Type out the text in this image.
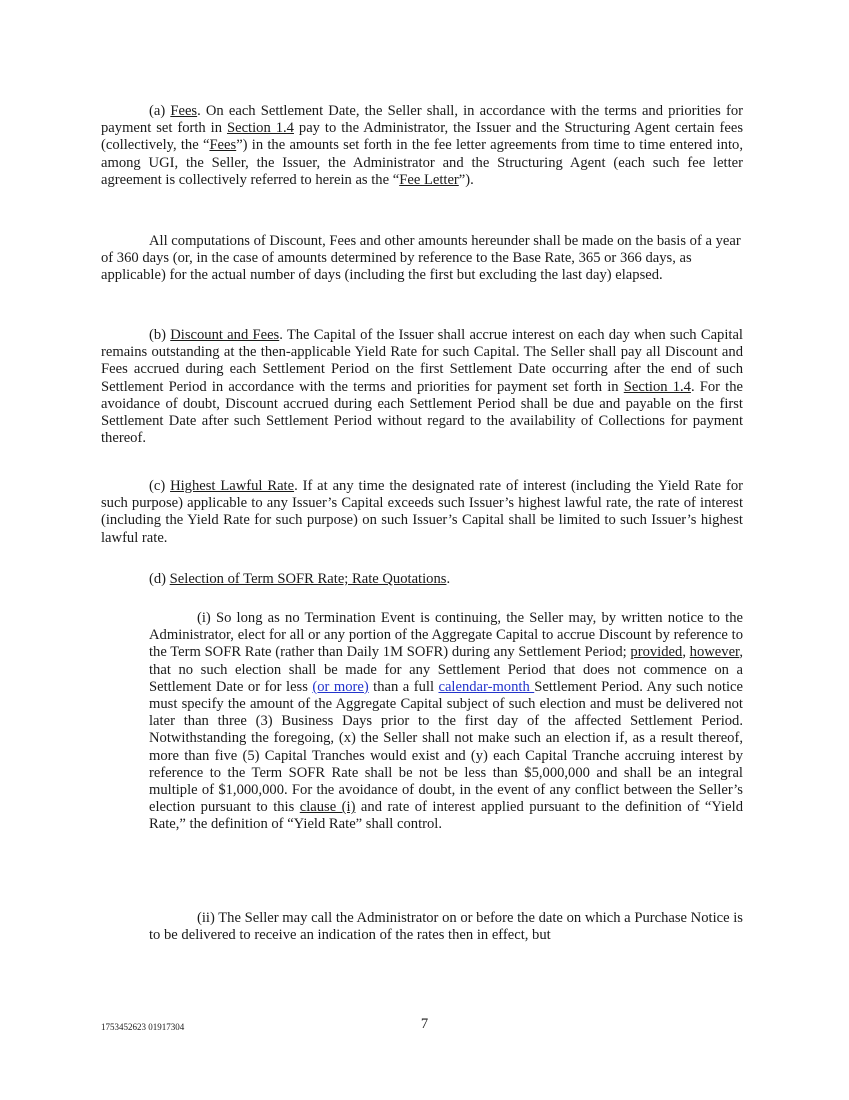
(a) Fees. On each Settlement Date, the Seller shall, in accordance with the terms and priorities for payment set forth in Section 1.4 pay to the Administrator, the Issuer and the Structuring Agent certain fees (collectively, the “Fees”) in the amounts set forth in the fee letter agreements from time to time entered into, among UGI, the Seller, the Issuer, the Administrator and the Structuring Agent (each such fee letter agreement is collectively referred to herein as the “Fee Letter”).

All computations of Discount, Fees and other amounts hereunder shall be made on the basis of a year of 360 days (or, in the case of amounts determined by reference to the Base Rate, 365 or 366 days, as applicable) for the actual number of days (including the first but excluding the last day) elapsed.

(b) Discount and Fees. The Capital of the Issuer shall accrue interest on each day when such Capital remains outstanding at the then-applicable Yield Rate for such Capital. The Seller shall pay all Discount and Fees accrued during each Settlement Period on the first Settlement Date occurring after the end of such Settlement Period in accordance with the terms and priorities for payment set forth in Section 1.4. For the avoidance of doubt, Discount accrued during each Settlement Period shall be due and payable on the first Settlement Date after such Settlement Period without regard to the availability of Collections for payment thereof.

(c) Highest Lawful Rate. If at any time the designated rate of interest (including the Yield Rate for such purpose) applicable to any Issuer’s Capital exceeds such Issuer’s highest lawful rate, the rate of interest (including the Yield Rate for such purpose) on such Issuer’s Capital shall be limited to such Issuer’s highest lawful rate.

(d) Selection of Term SOFR Rate; Rate Quotations.

(i) So long as no Termination Event is continuing, the Seller may, by written notice to the Administrator, elect for all or any portion of the Aggregate Capital to accrue Discount by reference to the Term SOFR Rate (rather than Daily 1M SOFR) during any Settlement Period; provided, however, that no such election shall be made for any Settlement Period that does not commence on a Settlement Date or for less (or more) than a full calendar-month Settlement Period. Any such notice must specify the amount of the Aggregate Capital subject of such election and must be delivered not later than three (3) Business Days prior to the first day of the affected Settlement Period. Notwithstanding the foregoing, (x) the Seller shall not make such an election if, as a result thereof, more than five (5) Capital Tranches would exist and (y) each Capital Tranche accruing interest by reference to the Term SOFR Rate shall be not be less than $5,000,000 and shall be an integral multiple of $1,000,000. For the avoidance of doubt, in the event of any conflict between the Seller’s election pursuant to this clause (i) and rate of interest applied pursuant to the definition of “Yield Rate,” the definition of “Yield Rate” shall control.

(ii) The Seller may call the Administrator on or before the date on which a Purchase Notice is to be delivered to receive an indication of the rates then in effect, but

1753452623 01917304	7
